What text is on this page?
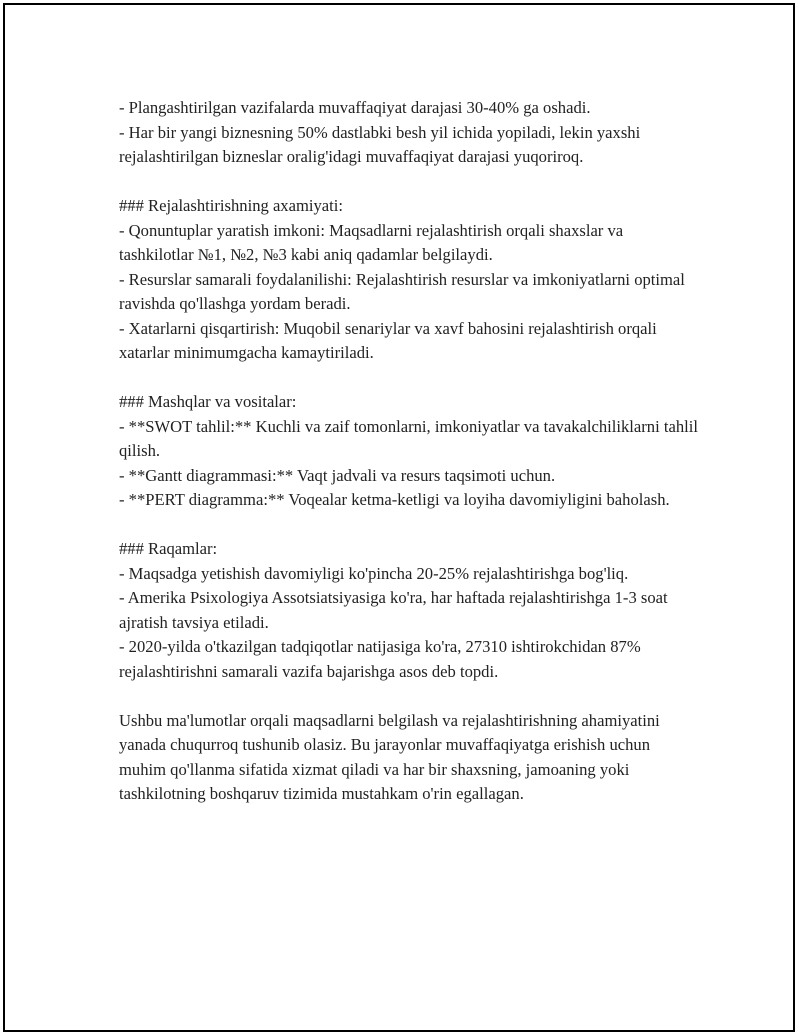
- Plangashtirilgan vazifalarda muvaffaqiyat darajasi 30-40% ga oshadi.

- Har bir yangi biznesning 50% dastlabki besh yil ichida yopiladi, lekin yaxshi rejalashtirilgan bizneslar oralig'idagi muvaffaqiyat darajasi yuqoriroq.

### Rejalashtirishning axamiyati:

- Qonuntuplar yaratish imkoni: Maqsadlarni rejalashtirish orqali shaxslar va tashkilotlar №1, №2, №3 kabi aniq qadamlar belgilaydi.

- Resurslar samarali foydalanilishi: Rejalashtirish resurslar va imkoniyatlarni optimal ravishda qo'llashga yordam beradi.

- Xatarlarni qisqartirish: Muqobil senariylar va xavf bahosini rejalashtirish orqali xatarlar minimumgacha kamaytiriladi.

### Mashqlar va vositalar:

- **SWOT tahlil:** Kuchli va zaif tomonlarni, imkoniyatlar va tavakalchiliklarni tahlil qilish.

- **Gantt diagrammasi:** Vaqt jadvali va resurs taqsimoti uchun.

- **PERT diagramma:** Voqealar ketma-ketligi va loyiha davomiyligini baholash.

### Raqamlar:

- Maqsadga yetishish davomiyligi ko'pincha 20-25% rejalashtirishga bog'liq.

- Amerika Psixologiya Assotsiatsiyasiga ko'ra, har haftada rejalashtirishga 1-3 soat ajratish tavsiya etiladi.

- 2020-yilda o'tkazilgan tadqiqotlar natijasiga ko'ra, 27310 ishtirokchidan 87% rejalashtirishni samarali vazifa bajarishga asos deb topdi.

Ushbu ma'lumotlar orqali maqsadlarni belgilash va rejalashtirishning ahamiyatini yanada chuqurroq tushunib olasiz. Bu jarayonlar muvaffaqiyatga erishish uchun muhim qo'llanma sifatida xizmat qiladi va har bir shaxsning, jamoaning yoki tashkilotning boshqaruv tizimida mustahkam o'rin egallagan.
